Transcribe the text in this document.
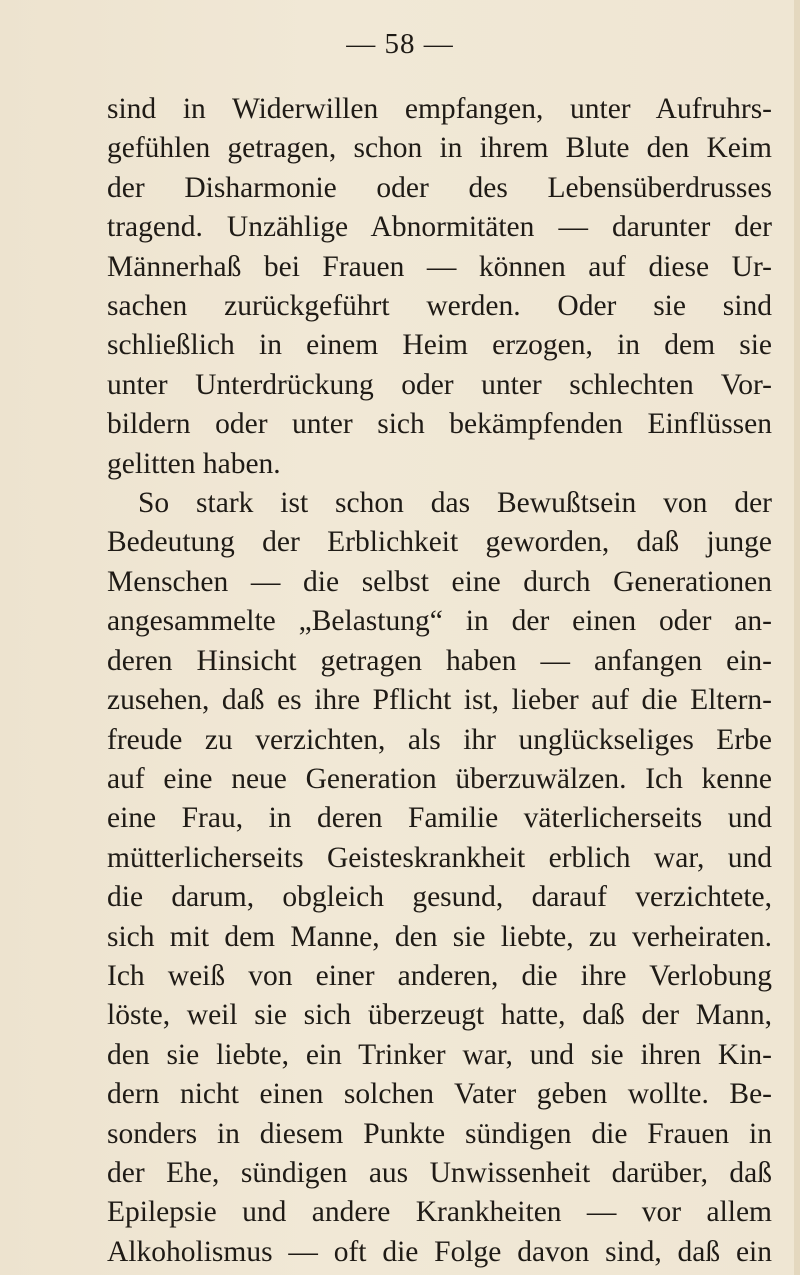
— 58 —
sind in Widerwillen empfangen, unter Aufruhrs-
gefühlen getragen, schon in ihrem Blute den Keim
der Disharmonie oder des Lebensüberdrusses
tragend. Unzählige Abnormitäten — darunter der
Männerhaß bei Frauen — können auf diese Ur-
sachen zurückgeführt werden. Oder sie sind
schließlich in einem Heim erzogen, in dem sie
unter Unterdrückung oder unter schlechten Vor-
bildern oder unter sich bekämpfenden Einflüssen
gelitten haben.
So stark ist schon das Bewußtsein von der
Bedeutung der Erblichkeit geworden, daß junge
Menschen — die selbst eine durch Generationen
angesammelte „Belastung“ in der einen oder an-
deren Hinsicht getragen haben — anfangen ein-
zusehen, daß es ihre Pflicht ist, lieber auf die Eltern-
freude zu verzichten, als ihr unglückseliges Erbe
auf eine neue Generation überzuwälzen. Ich kenne
eine Frau, in deren Familie väterlicherseits und
mütterlicherseits Geisteskrankheit erblich war, und
die darum, obgleich gesund, darauf verzichtete,
sich mit dem Manne, den sie liebte, zu verheiraten.
Ich weiß von einer anderen, die ihre Verlobung
löste, weil sie sich überzeugt hatte, daß der Mann,
den sie liebte, ein Trinker war, und sie ihren Kin-
dern nicht einen solchen Vater geben wollte. Be-
sonders in diesem Punkte sündigen die Frauen in
der Ehe, sündigen aus Unwissenheit darüber, daß
Epilepsie und andere Krankheiten — vor allem
Alkoholismus — oft die Folge davon sind, daß ein
